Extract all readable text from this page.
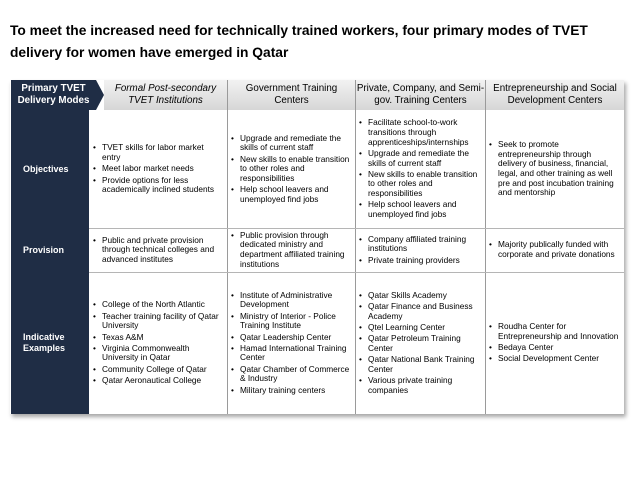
To meet the increased need for technically trained workers, four primary modes of TVET delivery for women have emerged in Qatar
Primary TVET Delivery Modes
Formal Post-secondary TVET Institutions
Government Training Centers
Private, Company, and Semi-gov. Training Centers
Entrepreneurship and Social Development Centers
Objectives
Provision
Indicative Examples
• TVET skills for labor market entry
• Meet labor market needs
• Provide options for less academically inclined students
• Upgrade and remediate the skills of current staff
• New skills to enable transition to other roles and responsibilities
• Help school leavers and unemployed find jobs
• Facilitate school-to-work transitions through apprenticeships/internships
• Upgrade and remediate the skills of current staff
• New skills to enable transition to other roles and responsibilities
• Help school leavers and unemployed find jobs
• Seek to promote entrepreneurship through delivery of business, financial, legal, and other training as well pre and post incubation training and mentorship
• Public and private provision through technical colleges and advanced institutes
• Public provision through dedicated ministry and department affiliated training institutions
• Company affiliated training institutions
• Private training providers
• Majority publically funded with corporate and private donations
• College of the North Atlantic
• Teacher training facility of Qatar University
• Texas A&M
• Virginia Commonwealth University in Qatar
• Community College of Qatar
• Qatar Aeronautical College
• Institute of Administrative Development
• Ministry of Interior - Police Training Institute
• Qatar Leadership Center
• Hamad International Training Center
• Qatar Chamber of Commerce & Industry
• Military training centers
• Qatar Skills Academy
• Qatar Finance and Business Academy
• Qtel Learning Center
• Qatar Petroleum Training Center
• Qatar National Bank Training Center
• Various private training companies
• Roudha Center for Entrepreneurship and Innovation
• Bedaya Center
• Social Development Center
